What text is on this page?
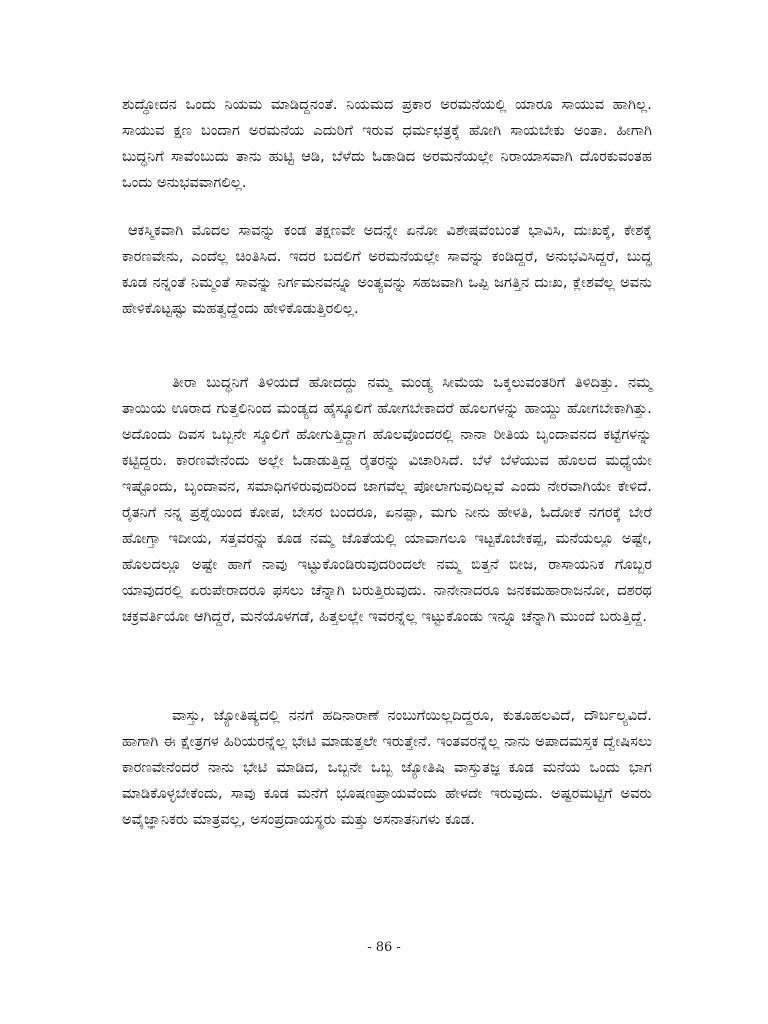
ಶುದ್ಧೋದನ ಒಂದು ನಿಯಮ ಮಾಡಿದ್ದನಂತೆ. ನಿಯಮದ ಪ್ರಕಾರ ಅರಮನೆಯಲ್ಲಿ ಯಾರೂ ಸಾಯುವ ಹಾಗಿಲ್ಲ. ಸಾಯುವ ಕ್ಷಣ ಬಂದಾಗ ಅರಮನೆಯ ಎದುರಿಗೆ ಇರುವ ಧರ್ಮಛತ್ರಕ್ಕೆ ಹೋಗಿ ಸಾಯಬೇಕು ಅಂತಾ. ಹೀಗಾಗಿ ಬುದ್ಧನಿಗೆ ಸಾವೆಂಬುದು ತಾನು ಹುಟ್ಟಿ ಆಡಿ, ಬೆಳೆದು ಓಡಾಡಿದ ಅರಮನೆಯಲ್ಲೇ ನಿರಾಯಾಸವಾಗಿ ದೊರಕುವಂತಹ ಒಂದು ಅನುಭವವಾಗಲಿಲ್ಲ.

ಆಕಸ್ಮಿಕವಾಗಿ ಮೊದಲ ಸಾವನ್ನು ಕಂಡ ತಕ್ಷಣವೇ ಅದನ್ನೇ ಏನೋ ವಿಶೇಷವೆಂಬಂತೆ ಭಾವಿಸಿ, ದುಃಖಕ್ಕೆ, ಕೇಶಕ್ಕೆ ಕಾರಣವೇನು, ಎಂದೆಲ್ಲ ಚಿಂತಿಸಿದ. ಇದರ ಬದಲಿಗೆ ಅರಮನೆಯಲ್ಲೇ ಸಾವನ್ನು ಕಂಡಿದ್ದರೆ, ಅನುಭವಿಸಿದ್ದರೆ, ಬುದ್ಧ ಕೂಡ ನನ್ನಂತೆ ನಿಮ್ಮಂತೆ ಸಾವನ್ನು ನಿರ್ಗಮನವನ್ನೂ ಅಂತ್ಯವನ್ನು ಸಹಜವಾಗಿ ಒಪ್ಪಿ ಜಗತ್ತಿನ ದುಃಖ, ಕ್ಲೇಶವೆಲ್ಲ ಅವನು ಹೇಳಿಕೊಟ್ಟಷ್ಟು ಮಹತ್ವದ್ದೆಂದು ಹೇಳಿಕೊಡುತ್ತಿರಲಿಲ್ಲ.

ತೀರಾ ಬುದ್ಧನಿಗೆ ತಿಳಿಯದೆ ಹೋದದ್ದು ನಮ್ಮ ಮಂಡ್ಯ ಸೀಮೆಯ ಒಕ್ಕಲುವಂತರಿಗೆ ತಿಳಿದಿತ್ತು. ನಮ್ಮ ತಾಯಿಯ ಊರಾದ ಗುತ್ತಲಿನಿಂದ ಮಂಡ್ಯದ ಹೈಸ್ಕೂಲಿಗೆ ಹೋಗಬೇಕಾದರೆ ಹೊಲಗಳನ್ನು ಹಾಯ್ದು ಹೋಗಬೇಕಾಗಿತ್ತು. ಅದೊಂದು ದಿವಸ ಒಬ್ಬನೇ ಸ್ಕೂಲಿಗೆ ಹೋಗುತ್ತಿದ್ದಾಗ ಹೊಲವೊಂದರಲ್ಲಿ ನಾನಾ ರೀತಿಯ ಬೃಂದಾವನದ ಕಟ್ಟೆಗಳನ್ನು ಕಟ್ಟಿದ್ದರು. ಕಾರಣವೇನೆಂದು ಅಲ್ಲೇ ಓಡಾಡುತ್ತಿದ್ದ ರೈತರನ್ನು ವಿಚಾರಿಸಿದೆ. ಬೆಳೆ ಬೆಳೆಯುವ ಹೊಲದ ಮಧ್ಯೆಯೇ ಇಷ್ಟೊಂದು, ಬೃಂದಾವನ, ಸಮಾಧಿಗಳಿರುವುದರಿಂದ ಜಾಗವೆಲ್ಲ ಪೋಲಾಗುವುದಿಲ್ಲವೆ ಎಂದು ನೇರವಾಗಿಯೇ ಕೇಳಿದೆ. ರೈತನಿಗೆ ನನ್ನ ಪ್ರಶ್ನೆಯಿಂದ ಕೋಪ, ಬೇಸರ ಬಂದರೂ, ಏನಪ್ಪಾ, ಮಗು ನೀನು ಹೇಳತಿ, ಓದೋಕೆ ನಗರಕ್ಕೆ ಬೇರೆ ಹೋಗ್ತಾ ಇದೀಯ, ಸತ್ತವರನ್ನು ಕೂಡ ನಮ್ಮ ಜೊತೆಯಲ್ಲಿ ಯಾವಾಗಲೂ ಇಟ್ಟಕೊಬೇಕಪ್ಪ, ಮನೆಯಲ್ಲೂ ಅಷ್ಟೇ, ಹೊಲದಲ್ಲೂ ಅಷ್ಟೇ ಹಾಗೆ ನಾವು ಇಟ್ಟುಕೊಂಡಿರುವುದರಿಂದಲೇ ನಮ್ಮ ಬಿತ್ತನೆ ಬೀಜ, ರಾಸಾಯನಿಕ ಗೊಬ್ಬರ ಯಾವುದರಲ್ಲಿ ಏರುಪೇರಾದರೂ ಫಸಲು ಚೆನ್ನಾಗಿ ಬರುತ್ತಿರುವುದು. ನಾನೇನಾದರೂ ಜನಕಮಹಾರಾಜನೋ, ದಶರಥ ಚಕ್ರವರ್ತಿಯೋ ಆಗಿದ್ದರೆ, ಮನೆಯೊಳಗಡೆ, ಹಿತ್ತಲಲ್ಲೇ ಇವರನ್ನೆಲ್ಲ ಇಟ್ಟುಕೊಂಡು ಇನ್ನೂ ಚೆನ್ನಾಗಿ ಮುಂದೆ ಬರುತ್ತಿದ್ದೆ.

ವಾಸ್ತು, ಜ್ಯೋತಿಷ್ಯದಲ್ಲಿ ನನಗೆ ಹದಿನಾರಾಣೆ ನಂಬುಗೆಯಿಲ್ಲದಿದ್ದರೂ, ಕುತೂಹಲವಿದೆ, ದೌರ್ಬಲ್ಯವಿದೆ. ಹಾಗಾಗಿ ಈ ಕ್ಷೇತ್ರಗಳ ಹಿರಿಯರನ್ನೆಲ್ಲ ಭೇಟಿ ಮಾಡುತ್ತಲೇ ಇರುತ್ತೇನೆ. ಇಂತವರನ್ನೆಲ್ಲ ನಾನು ಅಪಾದಮಸ್ತಕ ದ್ವೇಷಿಸಲು ಕಾರಣವೇನೆಂದರೆ ನಾನು ಭೇಟಿ ಮಾಡಿದ, ಒಬ್ಬನೇ ಒಬ್ಬ ಜ್ಯೋತಿಷಿ ವಾಸ್ತುತಜ್ಞ ಕೂಡ ಮನೆಯ ಒಂದು ಭಾಗ ಮಾಡಿಕೊಳ್ಳಬೇಕೆಂದು, ಸಾವು ಕೂಡ ಮನೆಗೆ ಭೂಷಣಪ್ರಾಯವೆಂದು ಹೇಳದೇ ಇರುವುದು. ಅಷ್ಟರಮಟ್ಟಿಗೆ ಅವರು ಅವೈಜ್ಞಾನಿಕರು ಮಾತ್ರವಲ್ಲ, ಅಸಂಪ್ರದಾಯಸ್ಥರು ಮತ್ತು ಅಸನಾತನಿಗಳು ಕೂಡ.

- 86 -
